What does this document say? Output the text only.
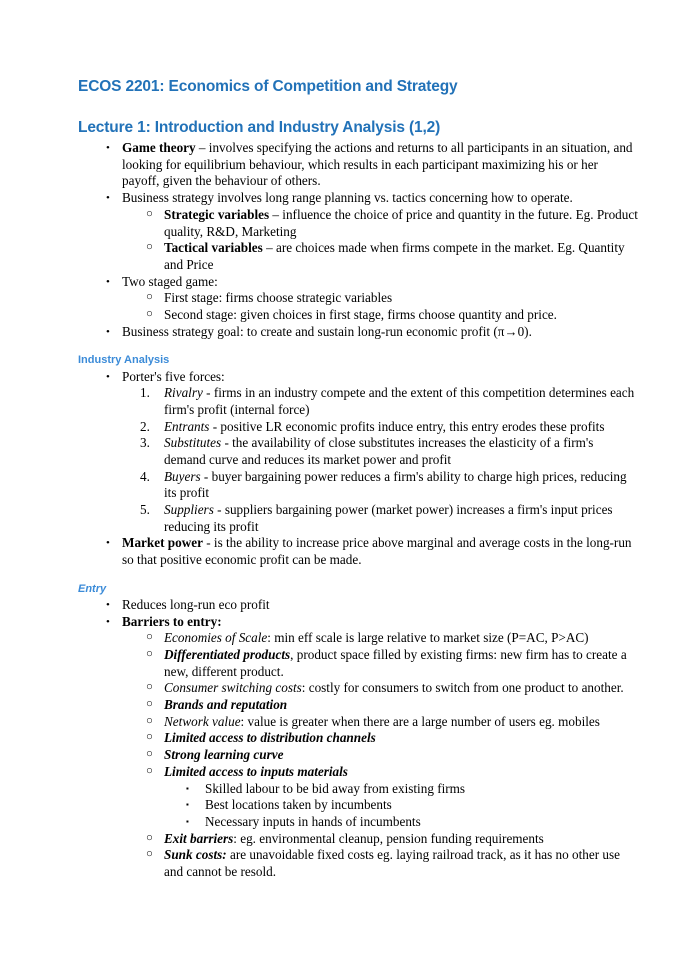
ECOS 2201: Economics of Competition and Strategy
Lecture 1: Introduction and Industry Analysis (1,2)
• Game theory – involves specifying the actions and returns to all participants in an situation, and looking for equilibrium behaviour, which results in each participant maximizing his or her payoff, given the behaviour of others.
• Business strategy involves long range planning vs. tactics concerning how to operate.
○ Strategic variables – influence the choice of price and quantity in the future. Eg. Product quality, R&D, Marketing
○ Tactical variables – are choices made when firms compete in the market. Eg. Quantity and Price
• Two staged game:
○ First stage: firms choose strategic variables
○ Second stage: given choices in first stage, firms choose quantity and price.
• Business strategy goal: to create and sustain long-run economic profit (π→0).
Industry Analysis
• Porter's five forces:
Rivalry - firms in an industry compete and the extent of this competition determines each firm's profit (internal force)
Entrants - positive LR economic profits induce entry, this entry erodes these profits
Substitutes - the availability of close substitutes increases the elasticity of a firm's demand curve and reduces its market power and profit
Buyers - buyer bargaining power reduces a firm's ability to charge high prices, reducing its profit
Suppliers - suppliers bargaining power (market power) increases a firm's input prices reducing its profit
• Market power - is the ability to increase price above marginal and average costs in the long-run so that positive economic profit can be made.
Entry
• Reduces long-run eco profit
• Barriers to entry:
○ Economies of Scale: min eff scale is large relative to market size (P=AC, P>AC)
○ Differentiated products, product space filled by existing firms: new firm has to create a new, different product.
○ Consumer switching costs: costly for consumers to switch from one product to another.
○ Brands and reputation
○ Network value: value is greater when there are a large number of users eg. mobiles
○ Limited access to distribution channels
○ Strong learning curve
○ Limited access to inputs materials
▪ Skilled labour to be bid away from existing firms
▪ Best locations taken by incumbents
▪ Necessary inputs in hands of incumbents
○ Exit barriers: eg. environmental cleanup, pension funding requirements
○ Sunk costs: are unavoidable fixed costs eg. laying railroad track, as it has no other use and cannot be resold.
